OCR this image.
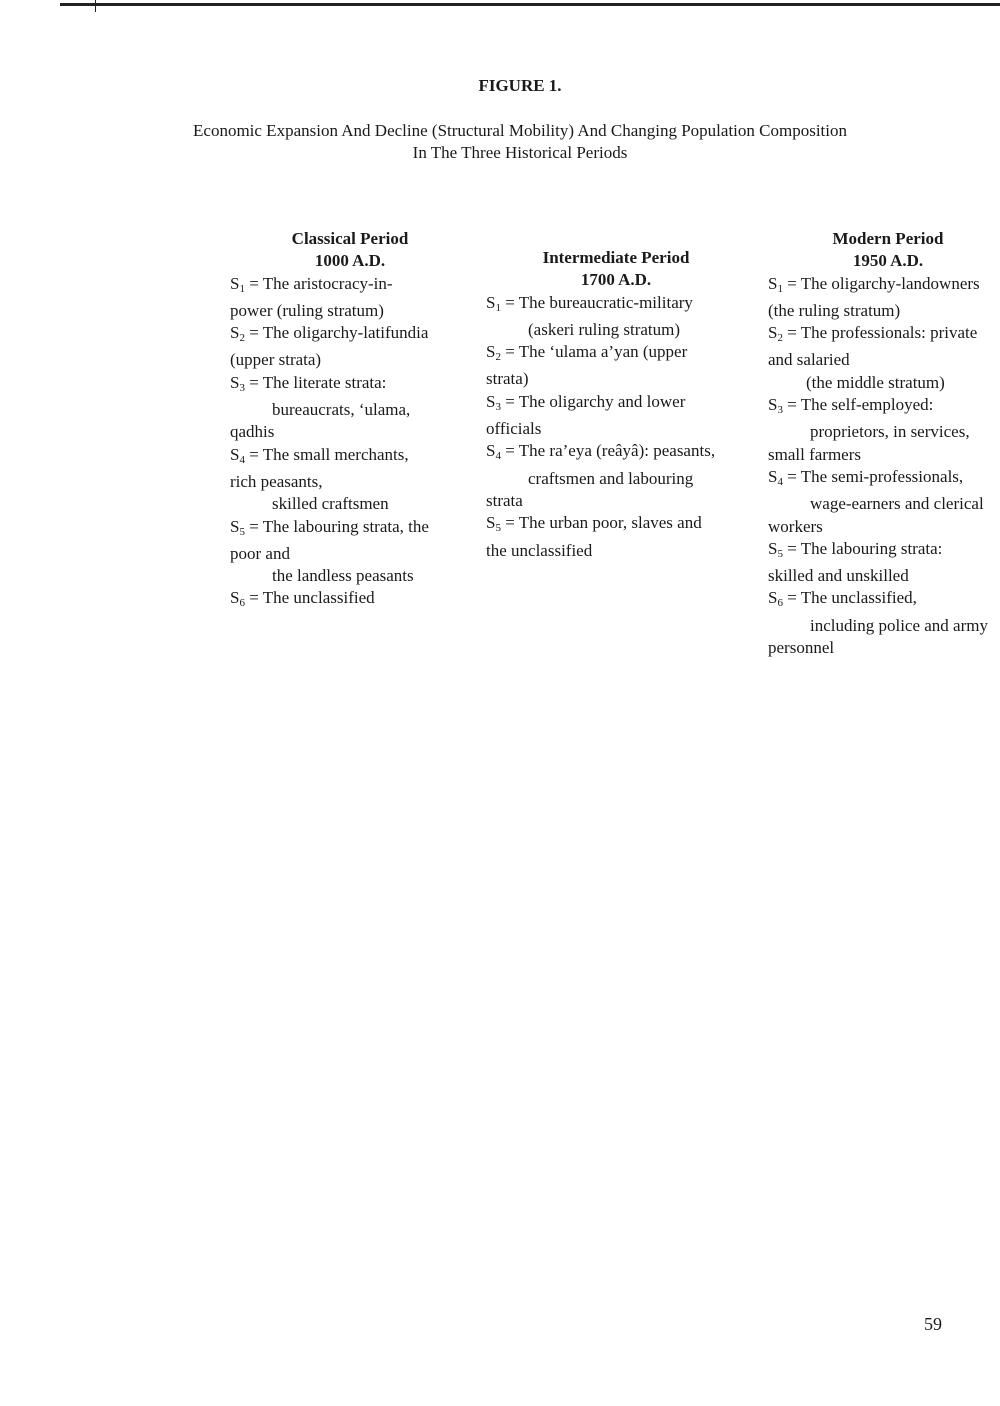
FIGURE 1.
Economic Expansion And Decline (Structural Mobility) And Changing Population Composition
In The Three Historical Periods
Classical Period
1000 A.D.
$S_1$ = The aristocracy-in-
power (ruling stratum)
$S_2$ = The oligarchy-latifundia
(upper strata)
$S_3$ = The literate strata:
bureaucrats, ‘ulama,
qadhis
$S_4$ = The small merchants,
rich peasants,
skilled craftsmen
$S_5$ = The labouring strata, the
poor and
the landless peasants
$S_6$ = The unclassified
Intermediate Period
1700 A.D.
$S_1$ = The bureaucratic-military
(askeri ruling stratum)
$S_2$ = The ‘ulama a’yan (upper
strata)
$S_3$ = The oligarchy and lower
officials
$S_4$ = The ra’eya (reâyâ): peasants,
craftsmen and labouring
strata
$S_5$ = The urban poor, slaves and
the unclassified
Modern Period
1950 A.D.
$S_1$ = The oligarchy-landowners
(the ruling stratum)
$S_2$ = The professionals: private
and salaried
(the middle stratum)
$S_3$ = The self-employed:
proprietors, in services,
small farmers
$S_4$ = The semi-professionals,
wage-earners and clerical
workers
$S_5$ = The labouring strata:
skilled and unskilled
$S_6$ = The unclassified,
including police and army
personnel
59
